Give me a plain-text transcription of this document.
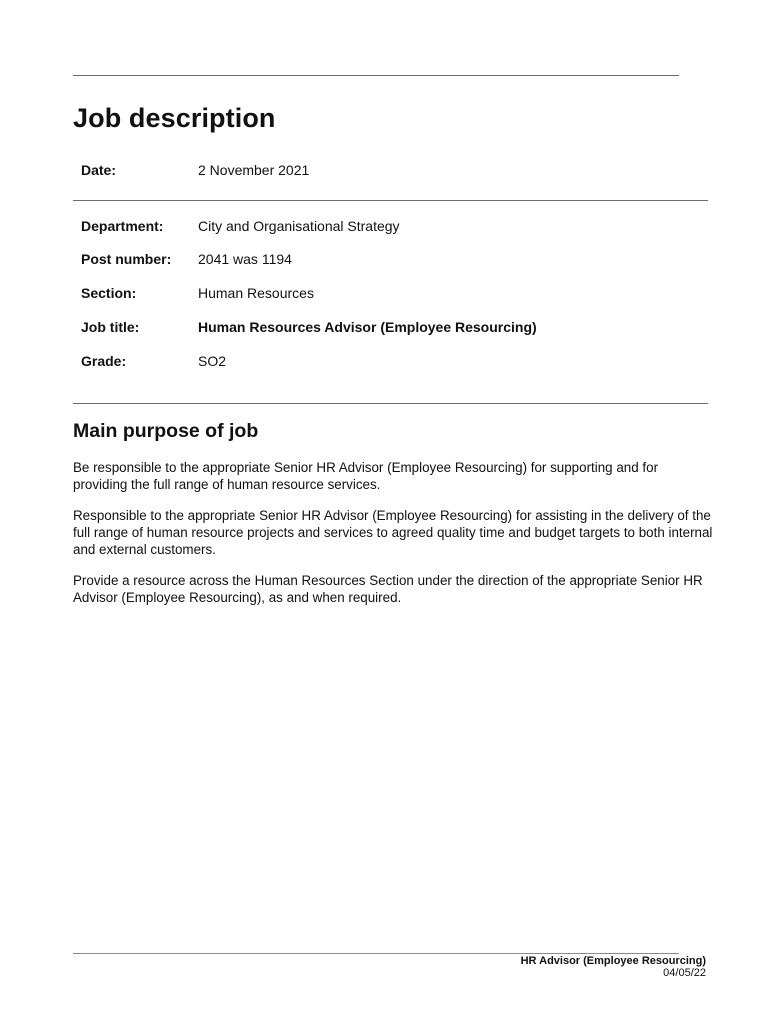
Job description
Date:	2 November 2021
Department: City and Organisational Strategy
Post number: 2041 was 1194
Section:	Human Resources
Job title:	Human Resources Advisor (Employee Resourcing)
Grade:	SO2
Main purpose of job

Be responsible to the appropriate Senior HR Advisor (Employee Resourcing) for supporting and for providing the full range of human resource services.

Responsible to the appropriate Senior HR Advisor (Employee Resourcing) for assisting in the delivery of the full range of human resource projects and services to agreed quality time and budget targets to both internal and external customers.

Provide a resource across the Human Resources Section under the direction of the appropriate Senior HR Advisor (Employee Resourcing), as and when required.

HR Advisor (Employee Resourcing)
04/05/22
